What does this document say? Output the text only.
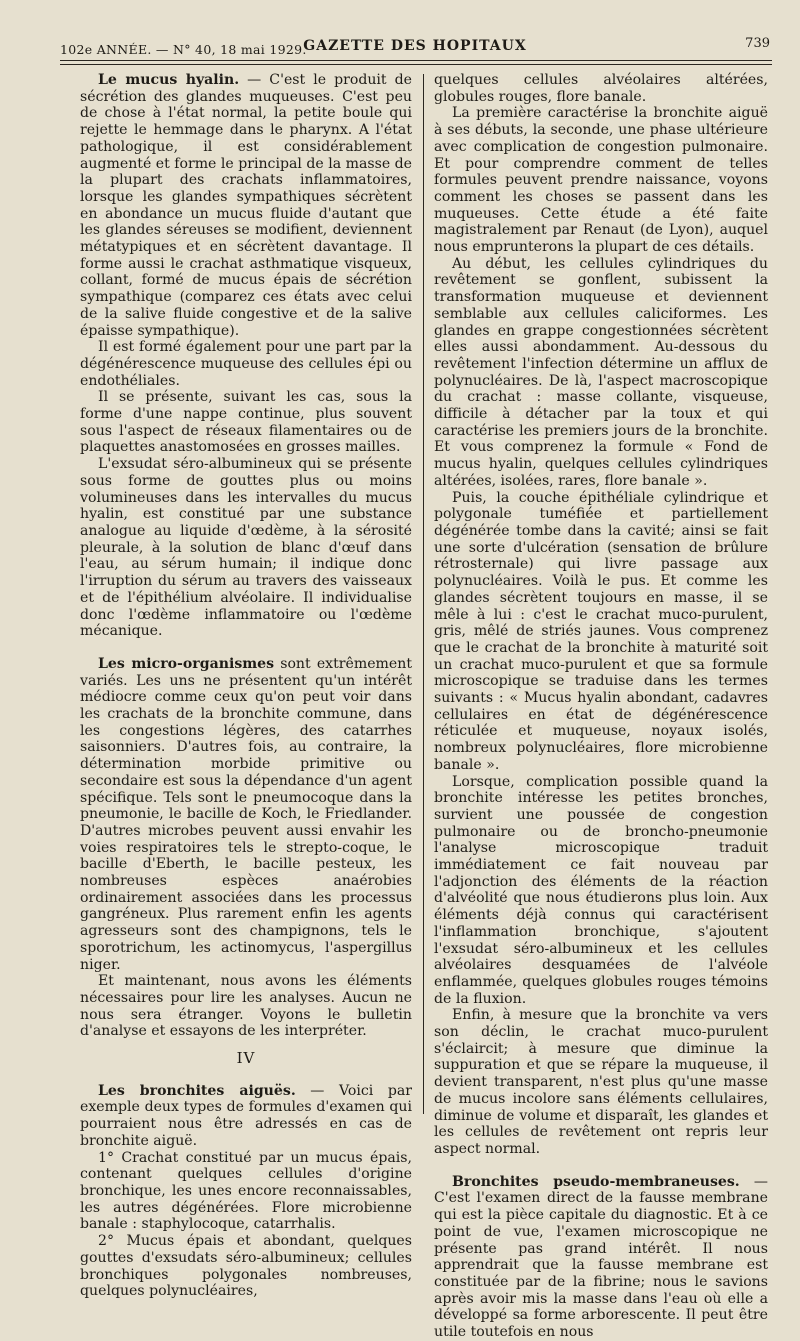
102e ANNÉE. — N° 40, 18 mai 1929.
GAZETTE DES HOPITAUX	739

Le mucus hyalin. — C'est le produit de sécrétion des glandes muqueuses. C'est peu de chose à l'état normal, la petite boule qui rejette le hemmage dans le pharynx. A l'état pathologique, il est considérablement augmenté et forme le principal de la masse de la plupart des crachats inflammatoires, lorsque les glandes sympathiques sécrètent en abondance un mucus fluide d'autant que les glandes séreuses se modifient, deviennent métatypiques et en sécrètent davantage. Il forme aussi le crachat asthmatique visqueux, collant, formé de mucus épais de sécrétion sympathique (comparez ces états avec celui de la salive fluide congestive et de la salive épaisse sympathique).

Il est formé également pour une part par la dégénérescence muqueuse des cellules épi ou endothéliales.

Il se présente, suivant les cas, sous la forme d'une nappe continue, plus souvent sous l'aspect de réseaux filamentaires ou de plaquettes anastomosées en grosses mailles.

L'exsudat séro-albumineux qui se présente sous forme de gouttes plus ou moins volumineuses dans les intervalles du mucus hyalin, est constitué par une substance analogue au liquide d'œdème, à la sérosité pleurale, à la solution de blanc d'œuf dans l'eau, au sérum humain; il indique donc l'irruption du sérum au travers des vaisseaux et de l'épithélium alvéolaire. Il individualise donc l'œdème inflammatoire ou l'œdème mécanique.

Les micro-organismes sont extrêmement variés. Les uns ne présentent qu'un intérêt médiocre comme ceux qu'on peut voir dans les crachats de la bronchite commune, dans les congestions légères, des catarrhes saisonniers. D'autres fois, au contraire, la détermination morbide primitive ou secondaire est sous la dépendance d'un agent spécifique. Tels sont le pneumocoque dans la pneumonie, le bacille de Koch, le Friedlander. D'autres microbes peuvent aussi envahir les voies respiratoires tels le strepto-coque, le bacille d'Eberth, le bacille pesteux, les nombreuses espèces anaérobies ordinairement associées dans les processus gangréneux. Plus rarement enfin les agents agresseurs sont des champignons, tels le sporotrichum, les actinomycus, l'aspergillus niger.

Et maintenant, nous avons les éléments nécessaires pour lire les analyses. Aucun ne nous sera étranger. Voyons le bulletin d'analyse et essayons de les interpréter.

IV

Les bronchites aiguës. — Voici par exemple deux types de formules d'examen qui pourraient nous être adressés en cas de bronchite aiguë.

1° Crachat constitué par un mucus épais, contenant quelques cellules d'origine bronchique, les unes encore reconnaissables, les autres dégénérées. Flore microbienne banale : staphylocoque, catarrhalis.

2° Mucus épais et abondant, quelques gouttes d'exsudats séro-albumineux; cellules bronchiques polygonales nombreuses, quelques polynucléaires,

quelques cellules alvéolaires altérées, globules rouges, flore banale.

La première caractérise la bronchite aiguë à ses débuts, la seconde, une phase ultérieure avec complication de congestion pulmonaire. Et pour comprendre comment de telles formules peuvent prendre naissance, voyons comment les choses se passent dans les muqueuses. Cette étude a été faite magistralement par Renaut (de Lyon), auquel nous emprunterons la plupart de ces détails.

Au début, les cellules cylindriques du revêtement se gonflent, subissent la transformation muqueuse et deviennent semblable aux cellules caliciformes. Les glandes en grappe congestionnées sécrètent elles aussi abondamment. Au-dessous du revêtement l'infection détermine un afflux de polynucléaires. De là, l'aspect macroscopique du crachat : masse collante, visqueuse, difficile à détacher par la toux et qui caractérise les premiers jours de la bronchite. Et vous comprenez la formule « Fond de mucus hyalin, quelques cellules cylindriques altérées, isolées, rares, flore banale ».

Puis, la couche épithéliale cylindrique et polygonale tuméfiée et partiellement dégénérée tombe dans la cavité; ainsi se fait une sorte d'ulcération (sensation de brûlure rétrosternale) qui livre passage aux polynucléaires. Voilà le pus. Et comme les glandes sécrètent toujours en masse, il se mêle à lui : c'est le crachat muco-purulent, gris, mêlé de striés jaunes. Vous comprenez que le crachat de la bronchite à maturité soit un crachat muco-purulent et que sa formule microscopique se traduise dans les termes suivants : « Mucus hyalin abondant, cadavres cellulaires en état de dégénérescence réticulée et muqueuse, noyaux isolés, nombreux polynucléaires, flore microbienne banale ».

Lorsque, complication possible quand la bronchite intéresse les petites bronches, survient une poussée de congestion pulmonaire ou de broncho-pneumonie l'analyse microscopique traduit immédiatement ce fait nouveau par l'adjonction des éléments de la réaction d'alvéolité que nous étudierons plus loin. Aux éléments déjà connus qui caractérisent l'inflammation bronchique, s'ajoutent l'exsudat séro-albumineux et les cellules alvéolaires desquamées de l'alvéole enflammée, quelques globules rouges témoins de la fluxion.

Enfin, à mesure que la bronchite va vers son déclin, le crachat muco-purulent s'éclaircit; à mesure que diminue la suppuration et que se répare la muqueuse, il devient transparent, n'est plus qu'une masse de mucus incolore sans éléments cellulaires, diminue de volume et disparaît, les glandes et les cellules de revêtement ont repris leur aspect normal.

Bronchites pseudo-membraneuses. — C'est l'examen direct de la fausse membrane qui est la pièce capitale du diagnostic. Et à ce point de vue, l'examen microscopique ne présente pas grand intérêt. Il nous apprendrait que la fausse membrane est constituée par de la fibrine; nous le savions après avoir mis la masse dans l'eau où elle a développé sa forme arborescente. Il peut être utile toutefois en nous
